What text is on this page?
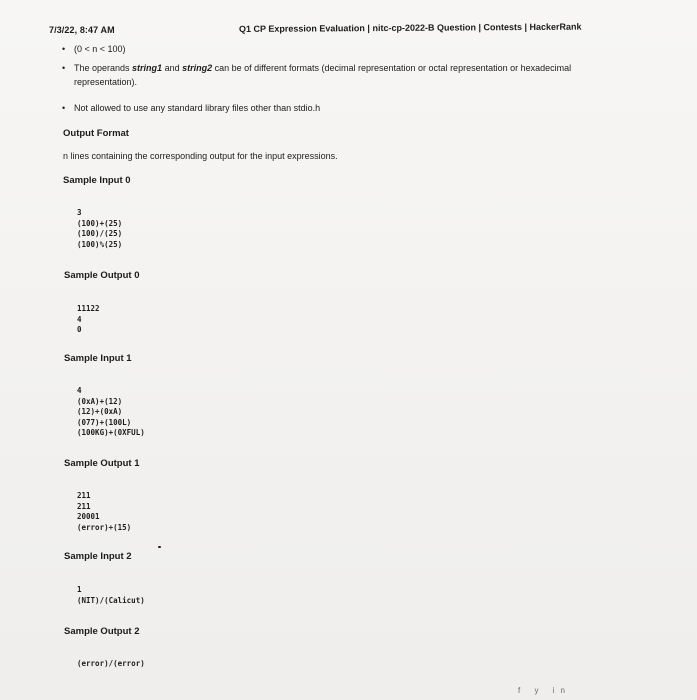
7/3/22, 8:47 AM	Q1 CP Expression Evaluation | nitc-cp-2022-B Question | Contests | HackerRank
• (0 < n < 100)
• The operands string1 and string2 can be of different formats (decimal representation or octal representation or hexadecimal representation).
• Not allowed to use any standard library files other than stdio.h
Output Format
n lines containing the corresponding output for the input expressions.
Sample Input 0
3
(100)+(25)
(100)/(25)
(100)%(25)
Sample Output 0
11122
4
0
Sample Input 1
4
(0xA)+(12)
(12)+(0xA)
(077)+(100L)
(100KG)+(0XFUL)
Sample Output 1
211
211
20001
(error)+(15)
Sample Input 2
1
(NIT)/(Calicut)
Sample Output 2
(error)/(error)
f y in
